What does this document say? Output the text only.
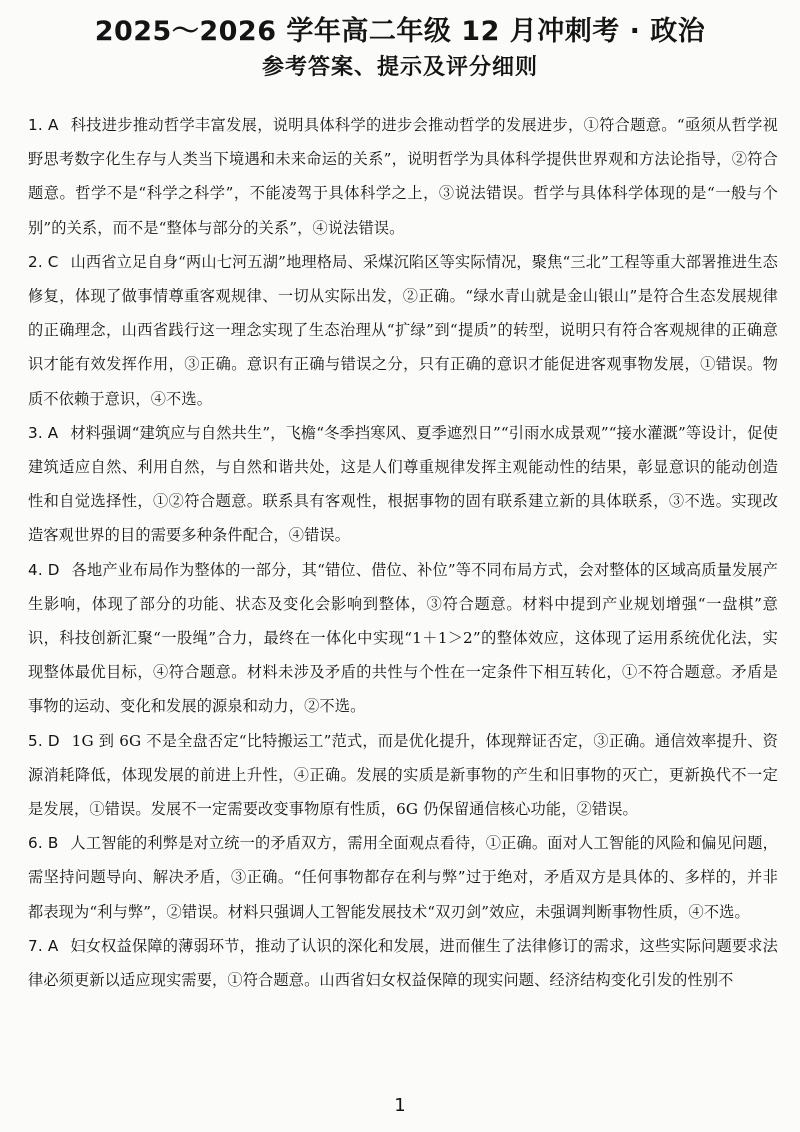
2025～2026 学年高二年级 12 月冲刺考 · 政治
参考答案、提示及评分细则

1. A 科技进步推动哲学丰富发展，说明具体科学的进步会推动哲学的发展进步，①符合题意。“亟须从哲学视野思考数字化生存与人类当下境遇和未来命运的关系”，说明哲学为具体科学提供世界观和方法论指导，②符合题意。哲学不是“科学之科学”，不能凌驾于具体科学之上，③说法错误。哲学与具体科学体现的是“一般与个别”的关系，而不是“整体与部分的关系”，④说法错误。

2. C 山西省立足自身“两山七河五湖”地理格局、采煤沉陷区等实际情况，聚焦“三北”工程等重大部署推进生态修复，体现了做事情尊重客观规律、一切从实际出发，②正确。“绿水青山就是金山银山”是符合生态发展规律的正确理念，山西省践行这一理念实现了生态治理从“扩绿”到“提质”的转型，说明只有符合客观规律的正确意识才能有效发挥作用，③正确。意识有正确与错误之分，只有正确的意识才能促进客观事物发展，①错误。物质不依赖于意识，④不选。

3. A 材料强调“建筑应与自然共生”，飞檐“冬季挡寒风、夏季遮烈日”“引雨水成景观”“接水灌溉”等设计，促使建筑适应自然、利用自然，与自然和谐共处，这是人们尊重规律发挥主观能动性的结果，彰显意识的能动创造性和自觉选择性，①②符合题意。联系具有客观性，根据事物的固有联系建立新的具体联系，③不选。实现改造客观世界的目的需要多种条件配合，④错误。

4. D 各地产业布局作为整体的一部分，其“错位、借位、补位”等不同布局方式，会对整体的区域高质量发展产生影响，体现了部分的功能、状态及变化会影响到整体，③符合题意。材料中提到产业规划增强“一盘棋”意识，科技创新汇聚“一股绳”合力，最终在一体化中实现“1＋1＞2”的整体效应，这体现了运用系统优化法，实现整体最优目标，④符合题意。材料未涉及矛盾的共性与个性在一定条件下相互转化，①不符合题意。矛盾是事物的运动、变化和发展的源泉和动力，②不选。

5. D 1G 到 6G 不是全盘否定“比特搬运工”范式，而是优化提升，体现辩证否定，③正确。通信效率提升、资源消耗降低，体现发展的前进上升性，④正确。发展的实质是新事物的产生和旧事物的灭亡，更新换代不一定是发展，①错误。发展不一定需要改变事物原有性质，6G 仍保留通信核心功能，②错误。

6. B 人工智能的利弊是对立统一的矛盾双方，需用全面观点看待，①正确。面对人工智能的风险和偏见问题，需坚持问题导向、解决矛盾，③正确。“任何事物都存在利与弊”过于绝对，矛盾双方是具体的、多样的，并非都表现为“利与弊”，②错误。材料只强调人工智能发展技术“双刃剑”效应，未强调判断事物性质，④不选。

7. A 妇女权益保障的薄弱环节，推动了认识的深化和发展，进而催生了法律修订的需求，这些实际问题要求法律必须更新以适应现实需要，①符合题意。山西省妇女权益保障的现实问题、经济结构变化引发的性别不

1
